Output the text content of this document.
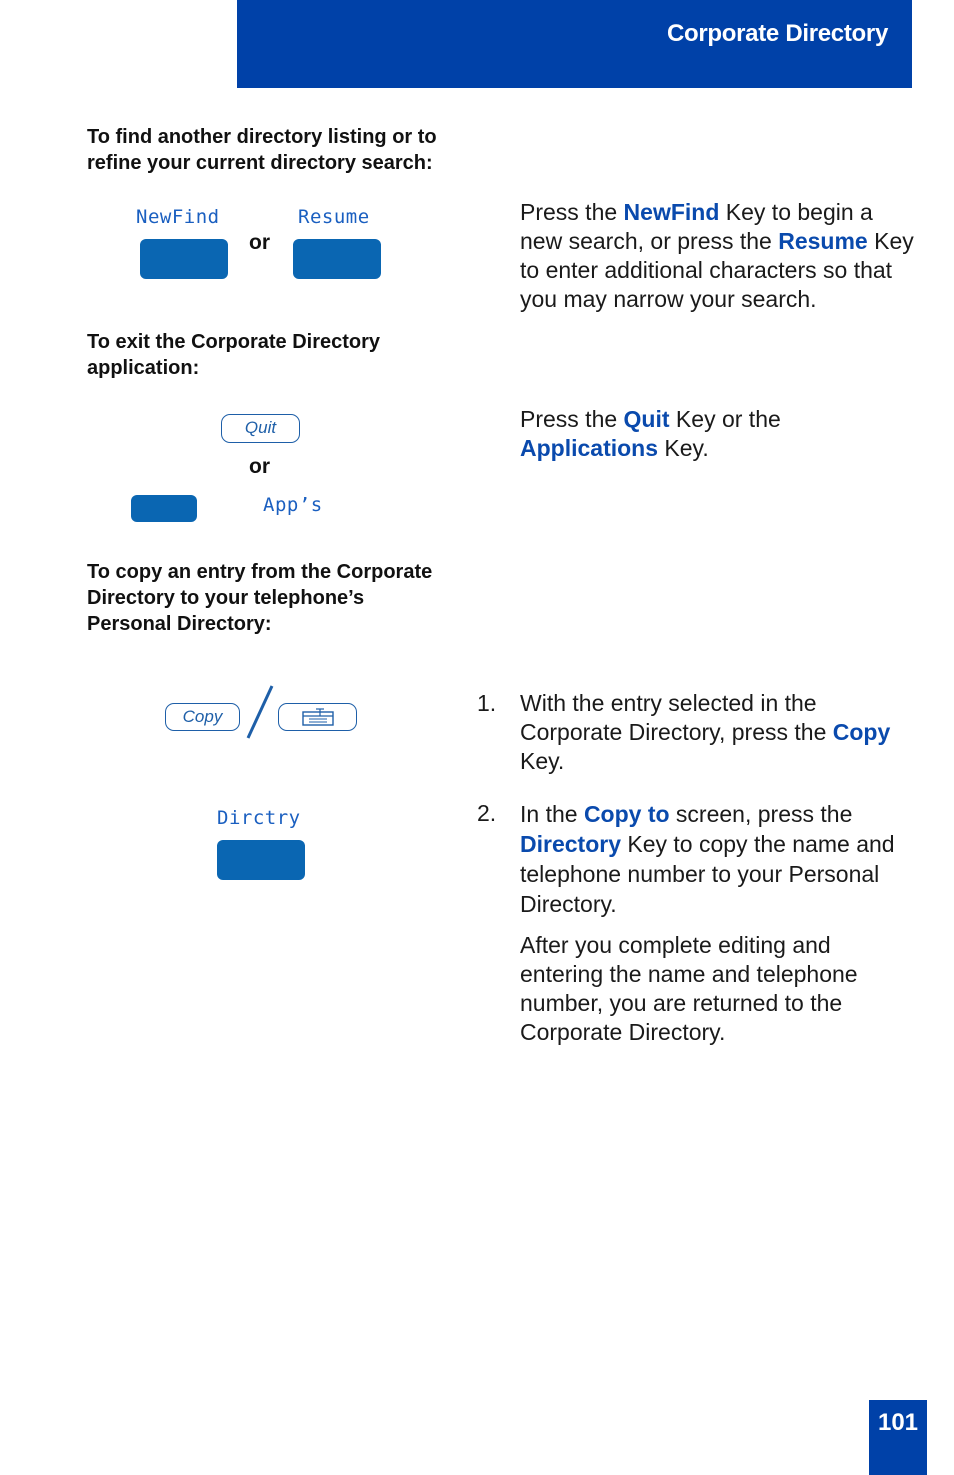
Corporate Directory
To find another directory listing or to refine your current directory search:
NewFind
or
Resume	Press the NewFind Key to begin a new search, or press the Resume Key to enter additional characters so that you may narrow your search.
To exit the Corporate Directory application:
Quit
or
App’s
Press the Quit Key or the Applications Key.
To copy an entry from the Corporate Directory to your telephone’s Personal Directory:
Copy
Dirctry
1. With the entry selected in the Corporate Directory, press the Copy Key.
2. In the Copy to screen, press the Directory Key to copy the name and telephone number to your Personal Directory.
After you complete editing and entering the name and telephone number, you are returned to the Corporate Directory.
101
